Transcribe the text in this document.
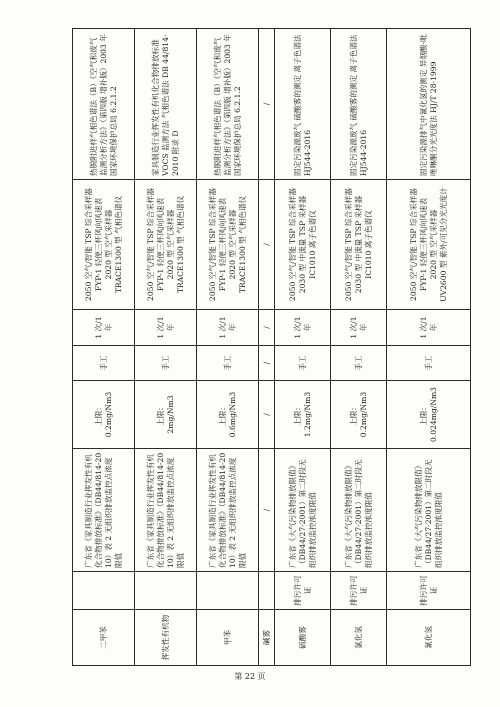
二甲苯		广东省《家具制造行业挥发性有机化合物排放标准》（DB44/814-2010）表 2 无组织排放监控点浓度限值	上限： 0.2mg/Nm3	手工	1 次/1 年	2050 空气/智能 TSP 综合采样器
FYP-1 轻便三杯风向风速表
2020 型 空气采样器
TRACE1300 型 气相色谱仪	热脱附进样气相色谱法（B）《空气和废气监测分析方法》（第四版 增补版）2003 年 国家环境保护总局 6.2.1.2
挥发性有机物		广东省《家具制造行业挥发性有机化合物排放标准》（DB44/814-2010）表 2 无组织排放监控点浓度限值	上限： 2mg/Nm3	手工	1 次/1 年	2050 空气/智能 TSP 综合采样器
FYP-1 轻便三杯风向风速表
2020 型 空气采样器
TRACE1300 型 气相色谱仪	家具制造行业挥发性有机化合物排放标准 VOCS 监测方法 气相色谱法 DB 44/814-2010 附录 D
甲苯		广东省《家具制造行业挥发性有机化合物排放标准》（DB44/814-2010）表 2 无组织排放监控点浓度限值	上限： 0.6mg/Nm3	手工	1 次/1 年	2050 空气/智能 TSP 综合采样器
FYP-1 轻便三杯风向风速表
2020 型 空气采样器
TRACE1300 型 气相色谱仪	热脱附进样气相色谱法（B）《空气和废气监测分析方法》（第四版 增补版）2003 年 国家环境保护总局 6.2.1.2
碱雾		/	/	/	/	/	/
硫酸雾	排污许可证	广东省《大气污染物排放限值》（DB44/27-2001）第二时段无组织排放监控浓度限值	上限： 1.2mg/Nm3	手工	1 次/1 年	2050 空气/智能 TSP 综合采样器
2030 型 中流量 TSP 采样器
IC1010 离子色谱仪	固定污染源废气 硫酸雾的测定 离子色谱法 HJ544-2016
氯化氢	排污许可证	广东省《大气污染物排放限值》（DB44/27-2001）第二时段无组织排放监控浓度限值	上限： 0.2mg/Nm3	手工	1 次/1 年	2050 空气/智能 TSP 综合采样器
2030 型 中流量 TSP 采样器
IC1010 离子色谱仪	固定污染源废气 硫酸雾的测定 离子色谱法 HJ544-2016
氰化氢	排污许可证	广东省《大气污染物排放限值》（DB44/27-2001）第二时段无组织排放监控浓度限值	上限： 0.024mg/Nm3	手工	1 次/1 年	2050 空气/智能 TSP 综合采样器
FYP-1 轻便三杯风向风速表
2020 型 空气采样器
UV2600 型 紫外/可见分光光度计	固定污染源排气中氰化氢的测定 异烟酸-吡唑啉酮分光光度法 HJ/T 28-1999
第 22 页
